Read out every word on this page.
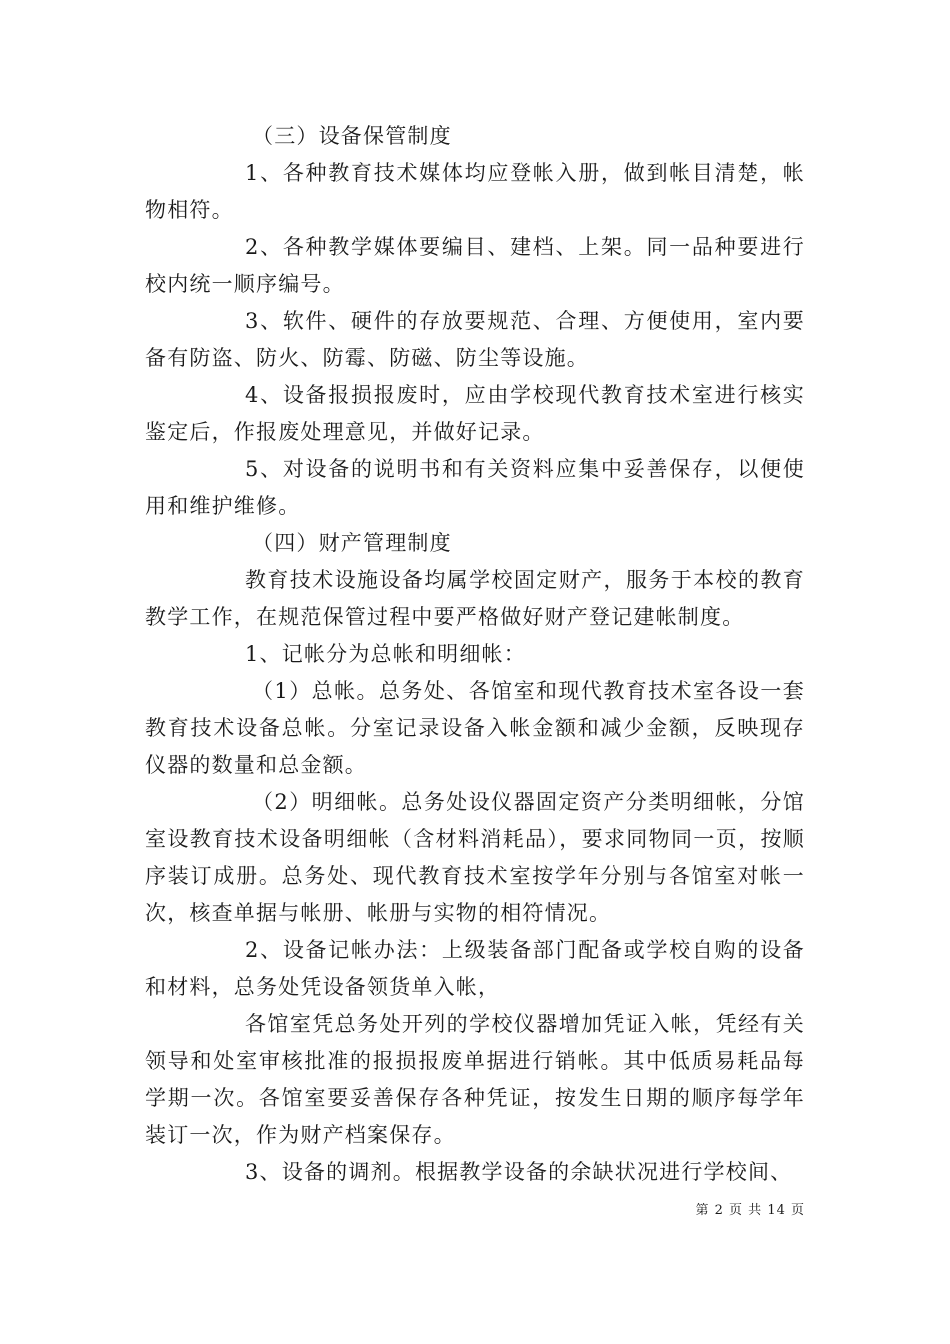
（三）设备保管制度

1、各种教育技术媒体均应登帐入册，做到帐目清楚，帐物相符。

2、各种教学媒体要编目、建档、上架。同一品种要进行校内统一顺序编号。

3、软件、硬件的存放要规范、合理、方便使用，室内要备有防盗、防火、防霉、防磁、防尘等设施。

4、设备报损报废时，应由学校现代教育技术室进行核实鉴定后，作报废处理意见，并做好记录。

5、对设备的说明书和有关资料应集中妥善保存，以便使用和维护维修。

（四）财产管理制度

教育技术设施设备均属学校固定财产，服务于本校的教育教学工作，在规范保管过程中要严格做好财产登记建帐制度。

1、记帐分为总帐和明细帐：

（1）总帐。总务处、各馆室和现代教育技术室各设一套教育技术设备总帐。分室记录设备入帐金额和减少金额，反映现存仪器的数量和总金额。

（2）明细帐。总务处设仪器固定资产分类明细帐，分馆室设教育技术设备明细帐（含材料消耗品），要求同物同一页，按顺序装订成册。总务处、现代教育技术室按学年分别与各馆室对帐一次，核查单据与帐册、帐册与实物的相符情况。

2、设备记帐办法：上级装备部门配备或学校自购的设备和材料，总务处凭设备领货单入帐，

各馆室凭总务处开列的学校仪器增加凭证入帐，凭经有关领导和处室审核批准的报损报废单据进行销帐。其中低质易耗品每学期一次。各馆室要妥善保存各种凭证，按发生日期的顺序每学年装订一次，作为财产档案保存。

3、设备的调剂。根据教学设备的余缺状况进行学校间、

第 2 页 共 14 页
